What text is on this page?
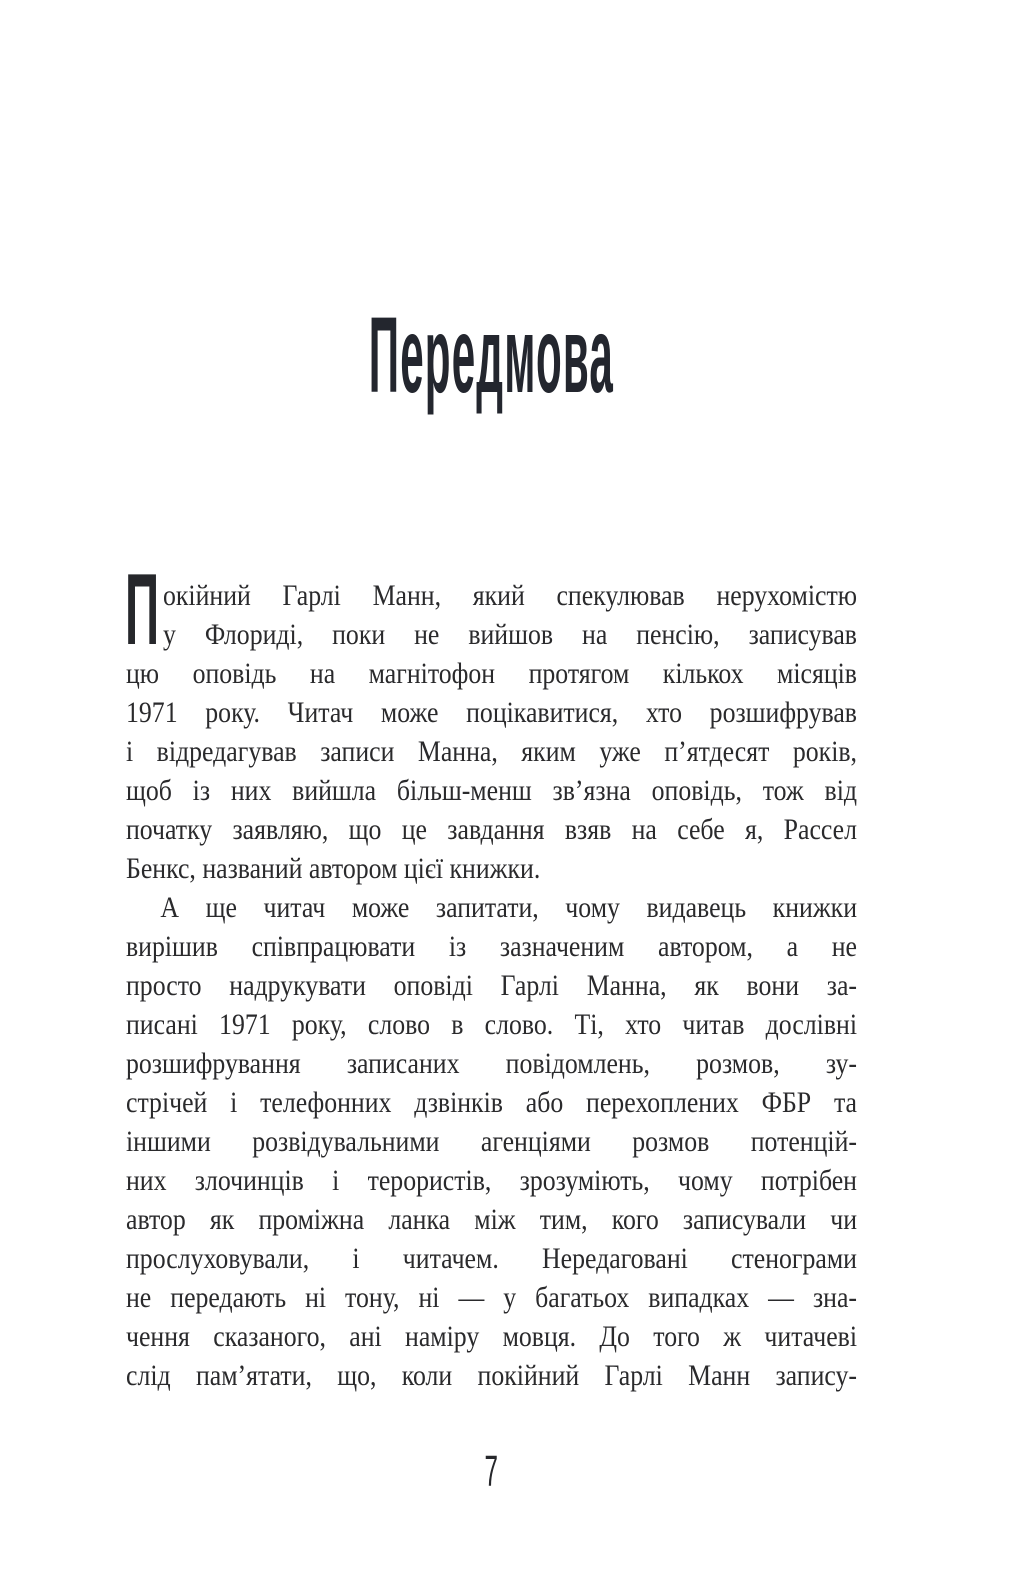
Передмова
П окійний Гарлі Манн, який спекулював нерухомістю
у Флориді, поки не вийшов на пенсію, записував
цю оповідь на магнітофон протягом кількох місяців
1971 року. Читач може поцікавитися, хто розшифрував
і відредагував записи Манна, яким уже п’ятдесят років,
щоб із них вийшла більш-менш зв’язна оповідь, тож від
початку заявляю, що це завдання взяв на себе я, Рассел
Бенкс, названий автором цієї книжки.
А ще читач може запитати, чому видавець книжки
вирішив співпрацювати із зазначеним автором, а не
просто надрукувати оповіді Гарлі Манна, як вони за-
писані 1971 року, слово в слово. Ті, хто читав дослівні
розшифрування записаних повідомлень, розмов, зу-
стрічей і телефонних дзвінків або перехоплених ФБР та
іншими розвідувальними агенціями розмов потенцій-
них злочинців і терористів, зрозуміють, чому потрібен
автор як проміжна ланка між тим, кого записували чи
прослуховували, і читачем. Нередаговані стенограми
не передають ні тону, ні — у багатьох випадках — зна-
чення сказаного, ані наміру мовця. До того ж читачеві
слід пам’ятати, що, коли покійний Гарлі Манн запису-
7
